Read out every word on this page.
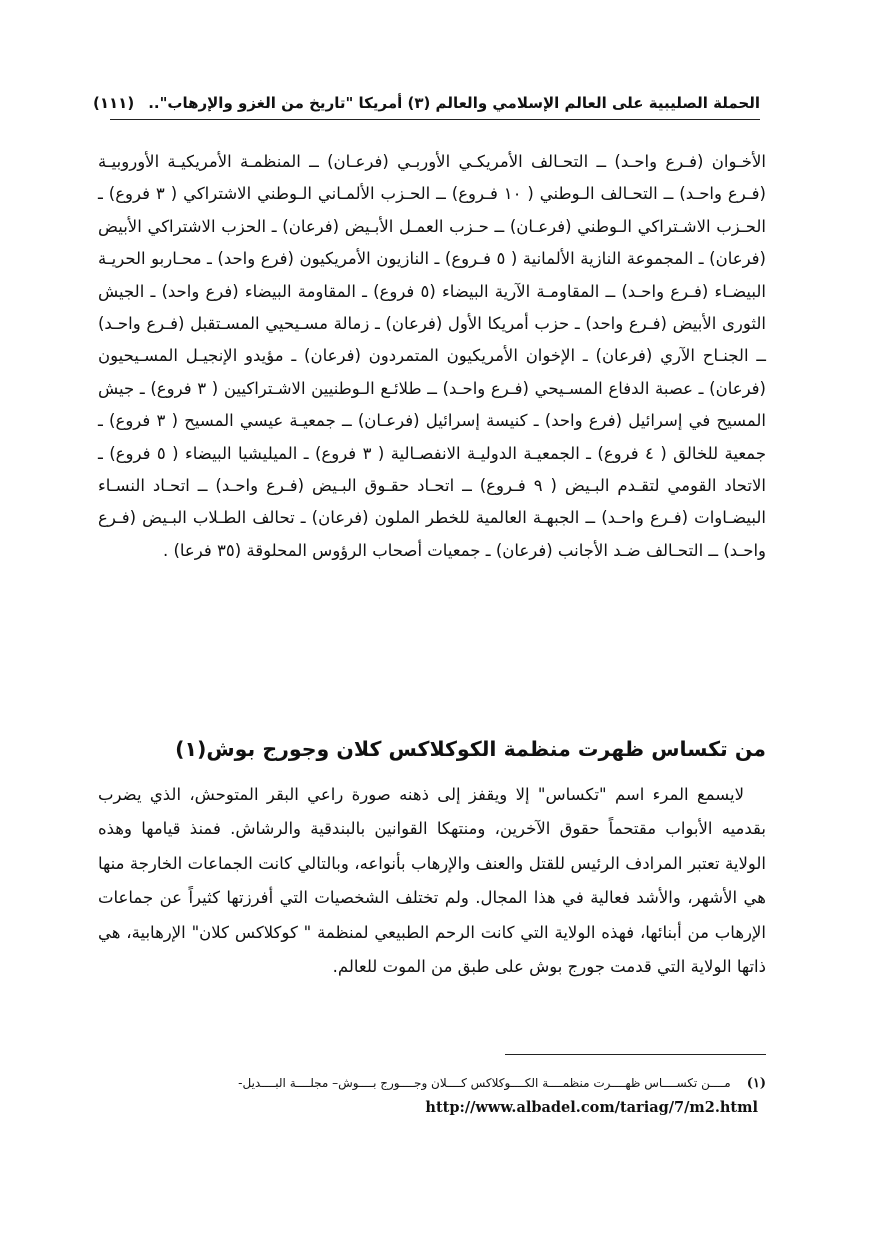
الحملة الصليبية على العالم الإسلامي والعالم (٣) أمريكا "تاريخ من الغزو والإرهاب"..
(١١١)

الأخـوان (فـرع واحـد) ــ التحـالف الأمريكـي الأوربـي (فرعـان) ــ المنظمـة الأمريكيـة الأوروبيـة (فـرع واحـد) ــ التحـالف الـوطني ( ١٠ فـروع) ــ الحـزب الألمـاني الـوطني الاشتراكي ( ٣ فروع) ـ الحـزب الاشـتراكي الـوطني (فرعـان) ــ حـزب العمـل الأبـيض (فرعان) ـ الحزب الاشتراكي الأبيض (فرعان) ـ المجموعة النازية الألمانية ( ٥ فـروع) ـ النازيون الأمريكيون (فرع واحد) ـ محـاربو الحريـة البيضـاء (فـرع واحـد) ــ المقاومـة الآرية البيضاء (٥ فروع) ـ المقاومة البيضاء (فرع واحد) ـ الجيش الثورى الأبيض (فـرع واحد) ـ حزب أمريكا الأول (فرعان) ـ زمالة مسـيحيي المسـتقبل (فـرع واحـد) ــ الجنـاح الآري (فرعان) ـ الإخوان الأمريكيون المتمردون (فرعان) ـ مؤيدو الإنجيـل المسـيحيون (فرعان) ـ عصبة الدفاع المسـيحي (فـرع واحـد) ــ طلائـع الـوطنيين الاشـتراكيين ( ٣ فروع) ـ جيش المسيح في إسرائيل (فرع واحد) ـ كنيسة إسرائيل (فرعـان) ــ جمعيـة عيسي المسيح ( ٣ فروع) ـ جمعية للخالق ( ٤ فروع) ـ الجمعيـة الدوليـة الانفصـالية ( ٣ فروع) ـ الميليشيا البيضاء ( ٥ فروع) ـ الاتحاد القومي لتقـدم البـيض ( ٩ فـروع) ــ اتحـاد حقـوق البـيض (فـرع واحـد) ــ اتحـاد النسـاء البيضـاوات (فـرع واحـد) ــ الجبهـة العالمية للخطر الملون (فرعان) ـ تحالف الطـلاب البـيض (فـرع واحـد) ــ التحـالف ضـد الأجانب (فرعان) ـ جمعيات أصحاب الرؤوس المحلوقة (٣٥ فرعا) .

من تكساس ظهرت منظمة الكوكلاكس كلان وجورج بوش(١)

لايسمع المرء اسم "تكساس" إلا ويقفز إلى ذهنه صورة راعي البقر المتوحش، الذي يضرب بقدميه الأبواب مقتحماً حقوق الآخرين، ومنتهكا القوانين بالبندقية والرشاش. فمنذ قيامها وهذه الولاية تعتبر المرادف الرئيس للقتل والعنف والإرهاب بأنواعه، وبالتالي كانت الجماعات الخارجة منها هي الأشهر، والأشد فعالية في هذا المجال. ولم تختلف الشخصيات التي أفرزتها كثيراً عن جماعات الإرهاب من أبنائها، فهذه الولاية التي كانت الرحم الطبيعي لمنظمة " كوكلاكس كلان" الإرهابية، هي ذاتها الولاية التي قدمت جورج بوش على طبق من الموت للعالم.

(١)مــــن تكســــاس ظهــــرت منظمــــة الكــــوكلاكس كــــلان وجــــورج بــــوش– مجلــــة البــــديل-
http://www.albadel.com/tariag/7/m2.html
